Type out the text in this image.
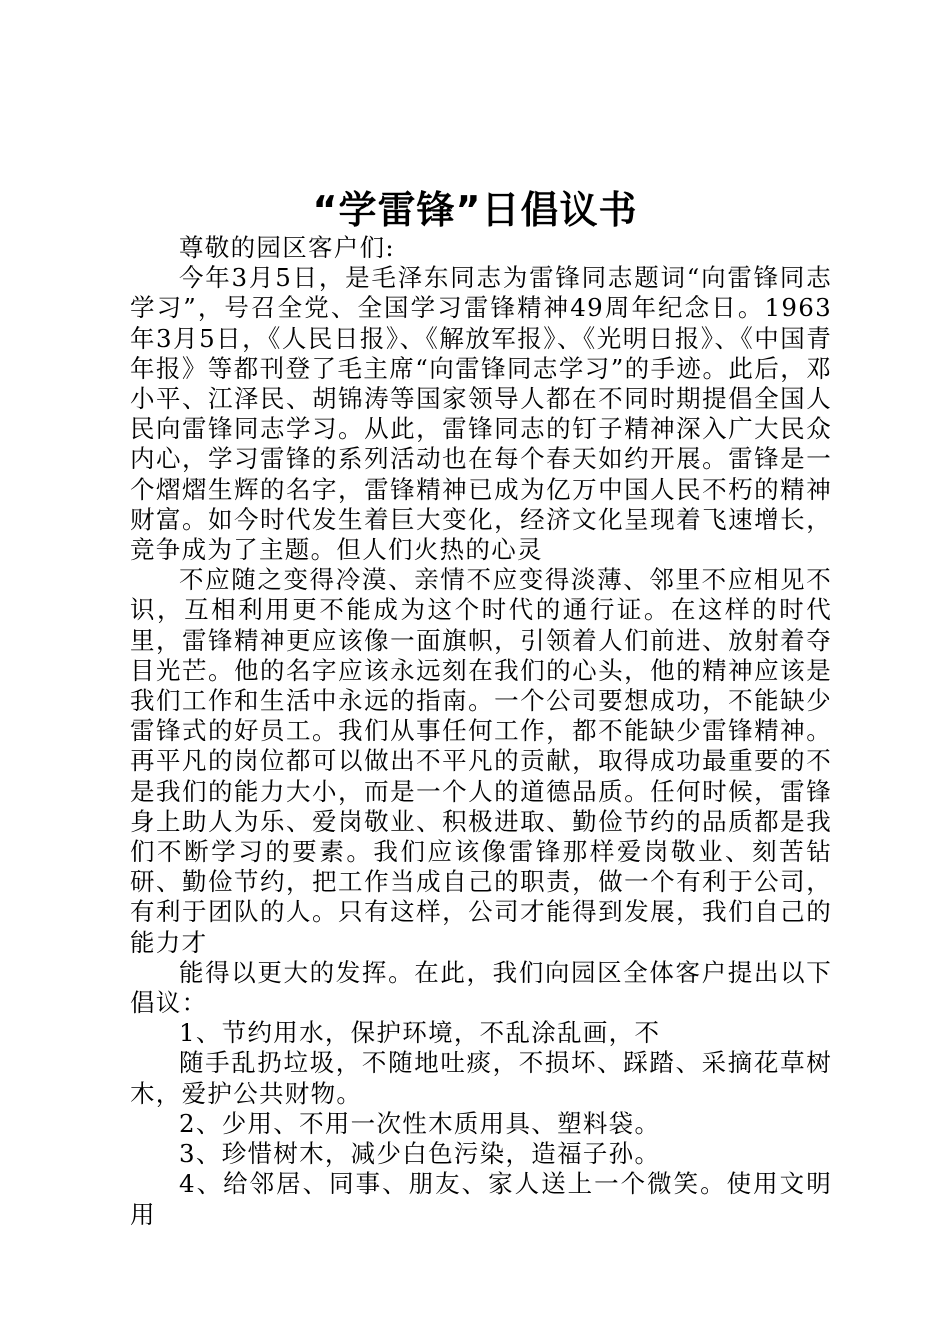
“学雷锋”日倡议书

尊敬的园区客户们:

今年3月5日，是毛泽东同志为雷锋同志题词“向雷锋同志学习”，号召全党、全国学习雷锋精神49周年纪念日。1963年3月5日，《人民日报》、《解放军报》、《光明日报》、《中国青年报》等都刊登了毛主席“向雷锋同志学习”的手迹。此后，邓小平、江泽民、胡锦涛等国家领导人都在不同时期提倡全国人民向雷锋同志学习。从此，雷锋同志的钉子精神深入广大民众内心，学习雷锋的系列活动也在每个春天如约开展。雷锋是一个熠熠生辉的名字，雷锋精神已成为亿万中国人民不朽的精神财富。如今时代发生着巨大变化，经济文化呈现着飞速增长，竞争成为了主题。但人们火热的心灵

不应随之变得冷漠、亲情不应变得淡薄、邻里不应相见不识，互相利用更不能成为这个时代的通行证。在这样的时代里，雷锋精神更应该像一面旗帜，引领着人们前进、放射着夺目光芒。他的名字应该永远刻在我们的心头，他的精神应该是我们工作和生活中永远的指南。一个公司要想成功，不能缺少雷锋式的好员工。我们从事任何工作，都不能缺少雷锋精神。再平凡的岗位都可以做出不平凡的贡献，取得成功最重要的不是我们的能力大小，而是一个人的道德品质。任何时候，雷锋身上助人为乐、爱岗敬业、积极进取、勤俭节约的品质都是我们不断学习的要素。我们应该像雷锋那样爱岗敬业、刻苦钻研、勤俭节约，把工作当成自己的职责，做一个有利于公司，有利于团队的人。只有这样，公司才能得到发展，我们自己的能力才

能得以更大的发挥。在此，我们向园区全体客户提出以下倡议：

1、节约用水，保护环境，不乱涂乱画，不

随手乱扔垃圾，不随地吐痰，不损坏、踩踏、采摘花草树木，爱护公共财物。

2、少用、不用一次性木质用具、塑料袋。

3、珍惜树木，减少白色污染，造福子孙。

4、给邻居、同事、朋友、家人送上一个微笑。使用文明用
